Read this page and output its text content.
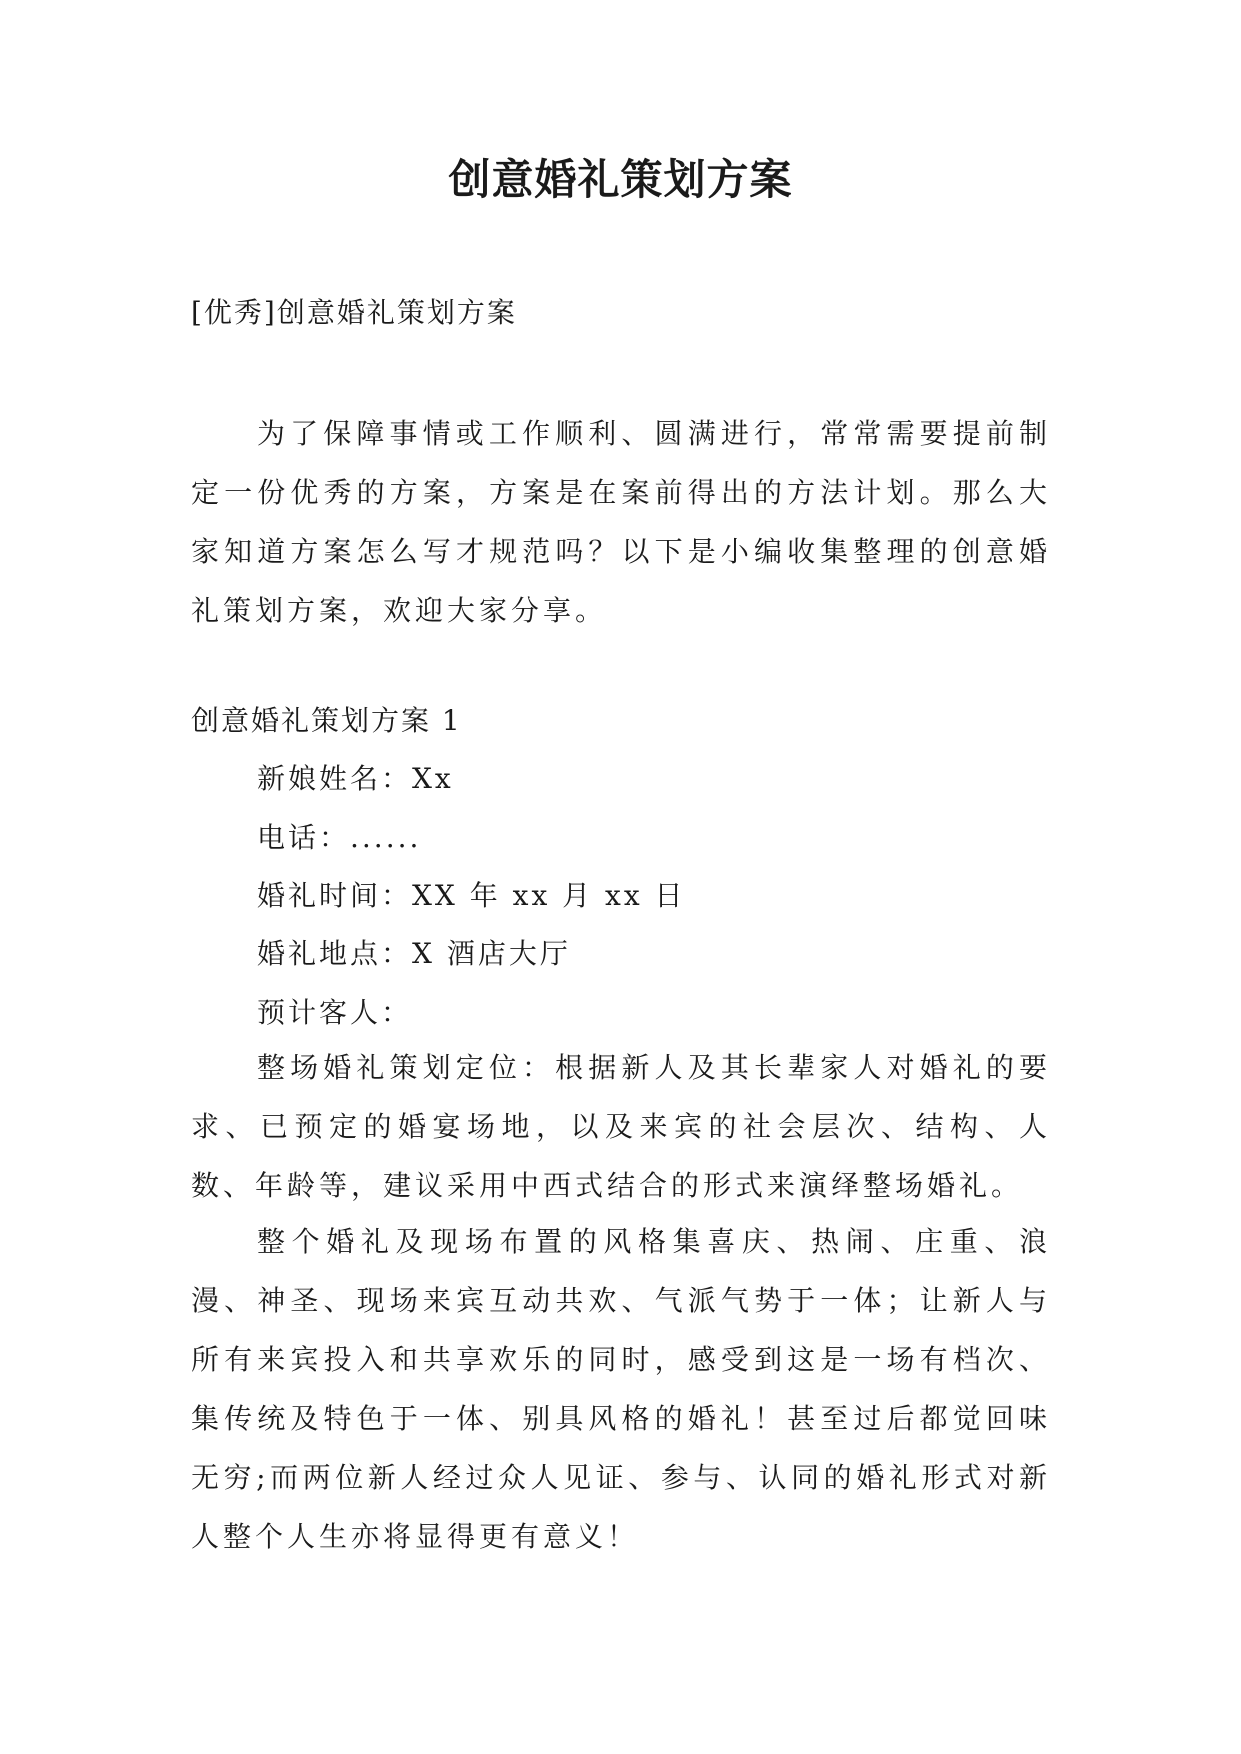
创意婚礼策划方案

[优秀]创意婚礼策划方案

为了保障事情或工作顺利、圆满进行，常常需要提前制定一份优秀的方案，方案是在案前得出的方法计划。那么大家知道方案怎么写才规范吗？以下是小编收集整理的创意婚礼策划方案，欢迎大家分享。

创意婚礼策划方案 1

新娘姓名：Xx

电话：......

婚礼时间：XX 年 xx 月 xx 日

婚礼地点：X 酒店大厅

预计客人：

整场婚礼策划定位：根据新人及其长辈家人对婚礼的要求、已预定的婚宴场地，以及来宾的社会层次、结构、人数、年龄等，建议采用中西式结合的形式来演绎整场婚礼。

整个婚礼及现场布置的风格集喜庆、热闹、庄重、浪漫、神圣、现场来宾互动共欢、气派气势于一体；让新人与所有来宾投入和共享欢乐的同时，感受到这是一场有档次、集传统及特色于一体、别具风格的婚礼！甚至过后都觉回味无穷;而两位新人经过众人见证、参与、认同的婚礼形式对新人整个人生亦将显得更有意义！
